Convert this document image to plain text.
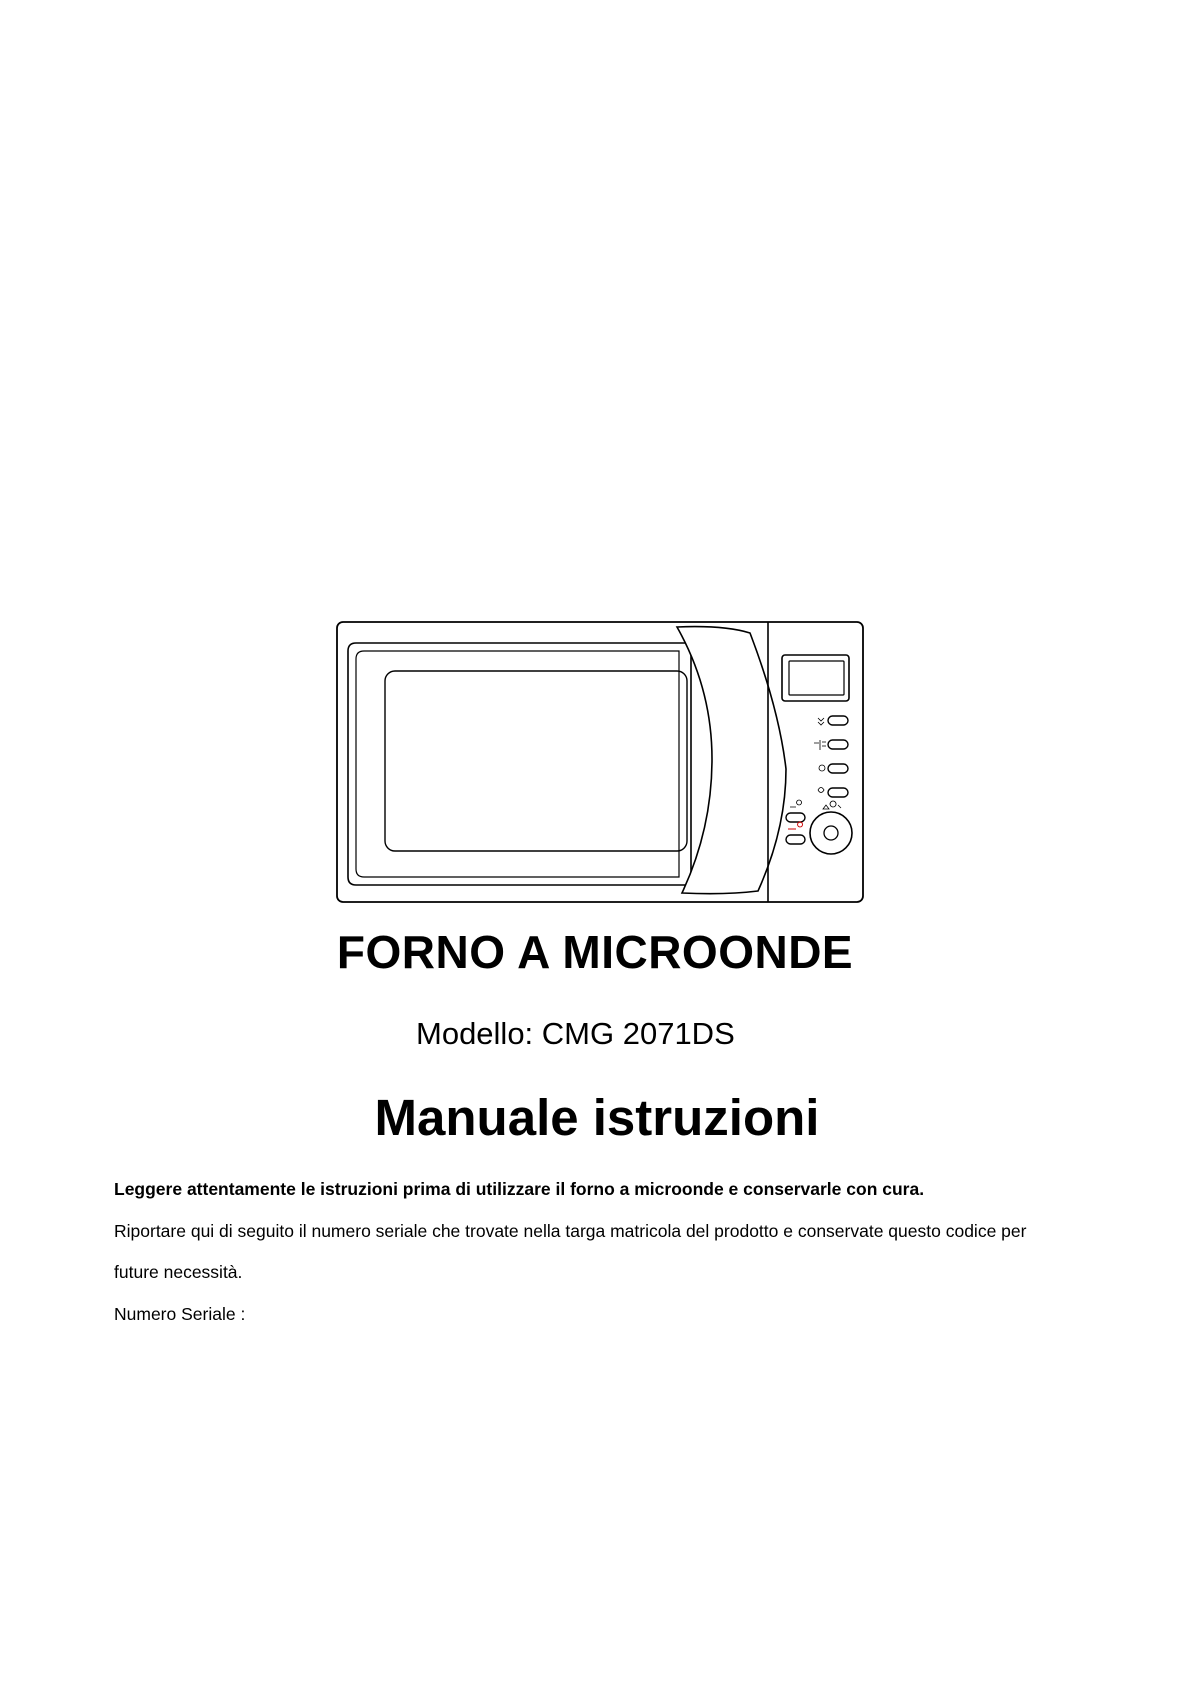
FORNO A MICROONDE

Modello: CMG 2071DS

Manuale istruzioni

Leggere attentamente le istruzioni prima di utilizzare il forno a microonde e conservarle con cura.

Riportare qui di seguito il numero seriale che trovate nella targa matricola del prodotto e conservate questo codice per

future necessità.

Numero Seriale :
